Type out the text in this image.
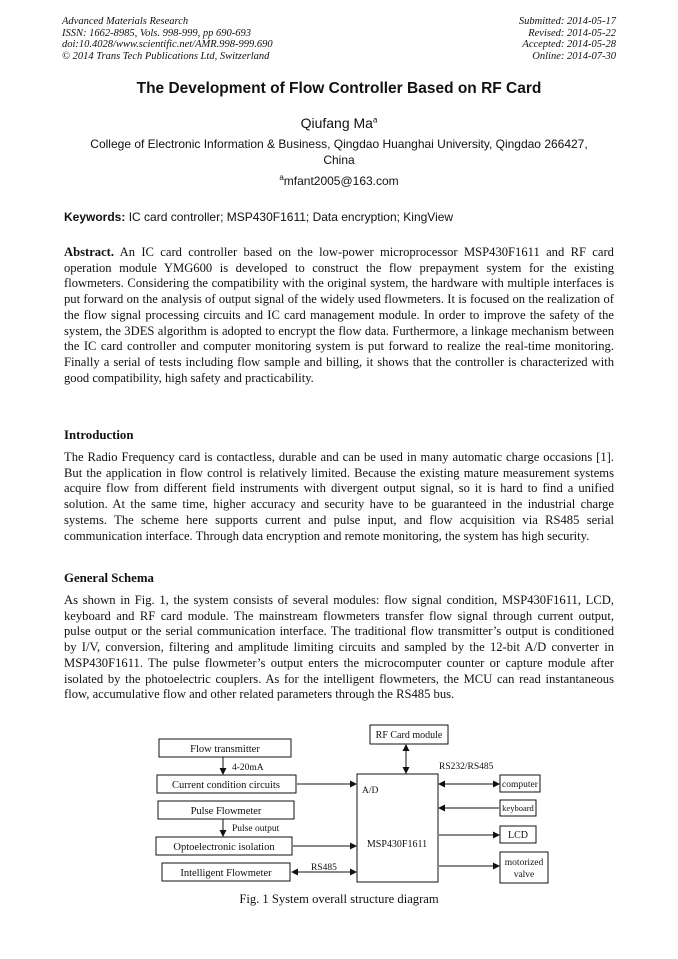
Advanced Materials Research
ISSN: 1662-8985, Vols. 998-999, pp 690-693
doi:10.4028/www.scientific.net/AMR.998-999.690
© 2014 Trans Tech Publications Ltd, Switzerland
Submitted: 2014-05-17
Revised: 2014-05-22
Accepted: 2014-05-28
Online: 2014-07-30
The Development of Flow Controller Based on RF Card
Qiufang Ma$^a$
College of Electronic Information & Business, Qingdao Huanghai University, Qingdao 266427, China
$^a$mfant2005@163.com
Keywords: IC card controller; MSP430F1611; Data encryption; KingView
Abstract. An IC card controller based on the low-power microprocessor MSP430F1611 and RF card operation module YMG600 is developed to construct the flow prepayment system for the existing flowmeters. Considering the compatibility with the original system, the hardware with multiple interfaces is put forward on the analysis of output signal of the widely used flowmeters. It is focused on the realization of the flow signal processing circuits and IC card management module. In order to improve the safety of the system, the 3DES algorithm is adopted to encrypt the flow data. Furthermore, a linkage mechanism between the IC card controller and computer monitoring system is put forward to realize the real-time monitoring. Finally a serial of tests including flow sample and billing, it shows that the controller is characterized with good compatibility, high safety and practicability.
Introduction
The Radio Frequency card is contactless, durable and can be used in many automatic charge occasions [1]. But the application in flow control is relatively limited. Because the existing mature measurement systems acquire flow from different field instruments with divergent output signal, so it is hard to find a unified solution. At the same time, higher accuracy and security have to be guaranteed in the industrial charge systems. The scheme here supports current and pulse input, and flow acquisition via RS485 serial communication interface. Through data encryption and remote monitoring, the system has high security.
General Schema
As shown in Fig. 1, the system consists of several modules: flow signal condition, MSP430F1611, LCD, keyboard and RF card module. The mainstream flowmeters transfer flow signal through current output, pulse output or the serial communication interface. The traditional flow transmitter’s output is conditioned by I/V, conversion, filtering and amplitude limiting circuits and sampled by the 12-bit A/D converter in MSP430F1611. The pulse flowmeter’s output enters the microcomputer counter or capture module after isolated by the photoelectric couplers. As for the intelligent flowmeters, the MCU can read instantaneous flow, accumulative flow and other related parameters through the RS485 bus.
Flow transmitter
Current condition circuits
Pulse Flowmeter
Optoelectronic isolation
Intelligent Flowmeter
RF Card module
MSP430F1611
computer
keyboard
LCD
motorized
valve
4-20mA
Pulse output
RS485
A/D
RS232/RS485
Fig. 1 System overall structure diagram
